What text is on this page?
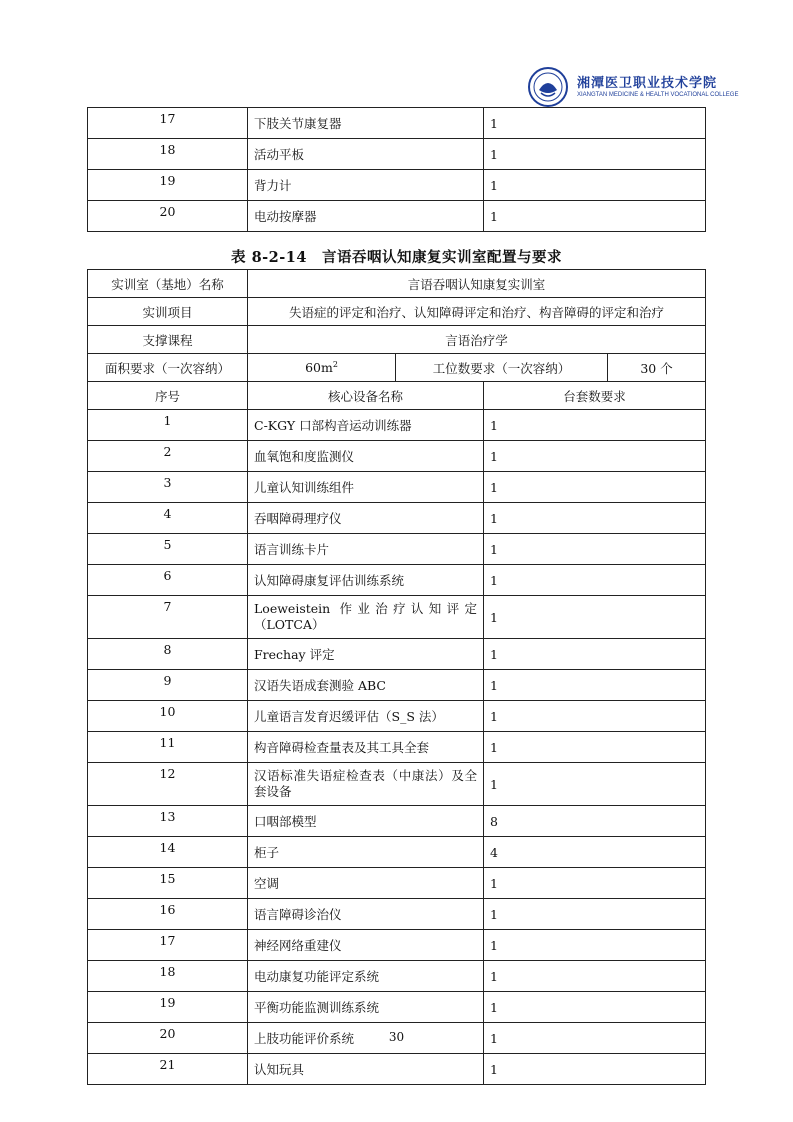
湘潭医卫职业技术学院
XIANGTAN MEDICINE & HEALTH VOCATIONAL COLLEGE
17	下肢关节康复器	1
18	活动平板	1
19	背力计	1
20	电动按摩器	1
表 8-2-14　言语吞咽认知康复实训室配置与要求
实训室（基地）名称	言语吞咽认知康复实训室			
实训项目	失语症的评定和治疗、认知障碍评定和治疗、构音障碍的评定和治疗			
支撑课程	言语治疗学			
面积要求（一次容纳）	$60m^2$	工位数要求（一次容纳）		30 个
序号	核心设备名称		台套数要求	
1	C-KGY 口部构音运动训练器		1	
2	血氧饱和度监测仪		1	
3	儿童认知训练组件		1	
4	吞咽障碍理疗仪		1	
5	语言训练卡片		1	
6	认知障碍康复评估训练系统		1	
7	Loeweistein 作业治疗认知评定（LOTCA）		1	
8	Frechay 评定		1	
9	汉语失语成套测验 ABC		1	
10	儿童语言发育迟缓评估（S_S 法）		1	
11	构音障碍检查量表及其工具全套		1	
12	汉语标准失语症检查表（中康法）及全套设备		1	
13	口咽部模型		8	
14	柜子		4	
15	空调		1	
16	语言障碍诊治仪		1	
17	神经网络重建仪		1	
18	电动康复功能评定系统		1	
19	平衡功能监测训练系统		1	
20	上肢功能评价系统		1	
21	认知玩具		1	
30
